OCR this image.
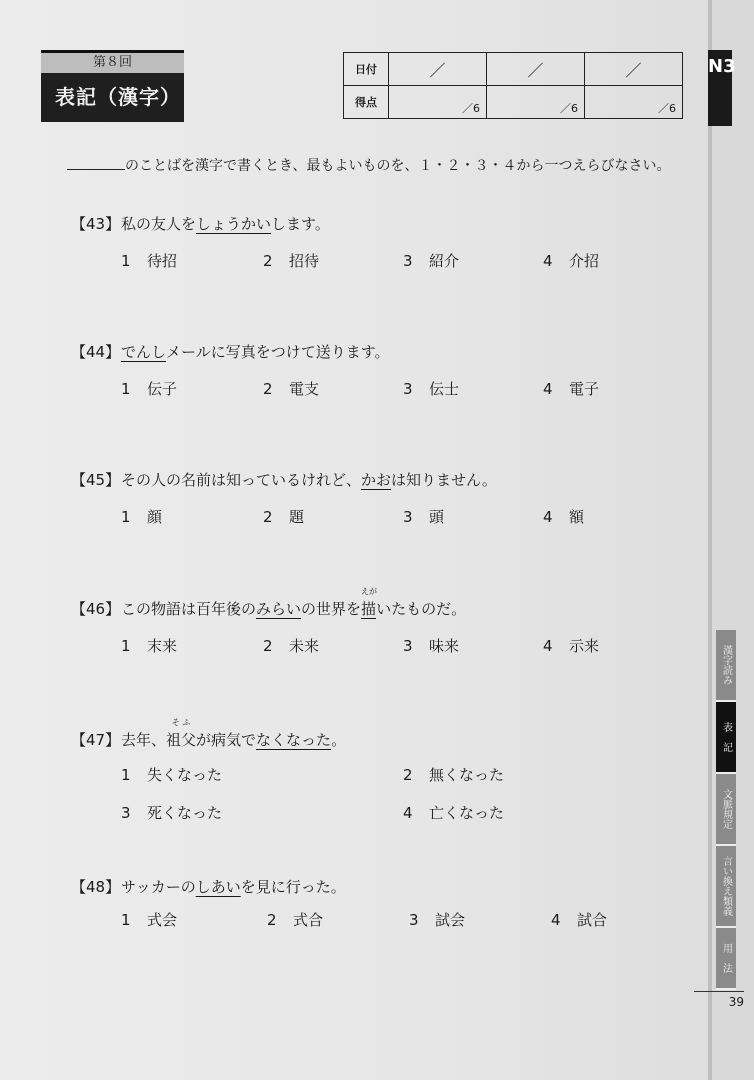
第８回
表記（漢字）
日付	／	／	／
得点	／6	／6	／6
N3
のことばを漢字で書くとき、最もよいものを、１・２・３・４から一つえらびなさい。
【43】私の友人をしょうかいします。
1 待招	2 招待	3 紹介	4 介招
【44】でんしメールに写真をつけて送ります。
1 伝子	2 電支	3 伝士	4 電子
【45】その人の名前は知っているけれど、かおは知りません。
1 顔	2 題	3 頭	4 額
【46】この物語は百年後のみらいの世界を
えが
描いたものだ。
1 末来	2 未来	3 味来	4 示来
【47】去年、
そ ふ
祖父が病気でなくなった。
1 失くなった	2 無くなった
3 死くなった	4 亡くなった
【48】サッカーのしあいを見に行った。
1 式会	2 式合	3 試会	4 試合
漢字読み
表　記
文脈規定
言い換え類義
用　法
39
